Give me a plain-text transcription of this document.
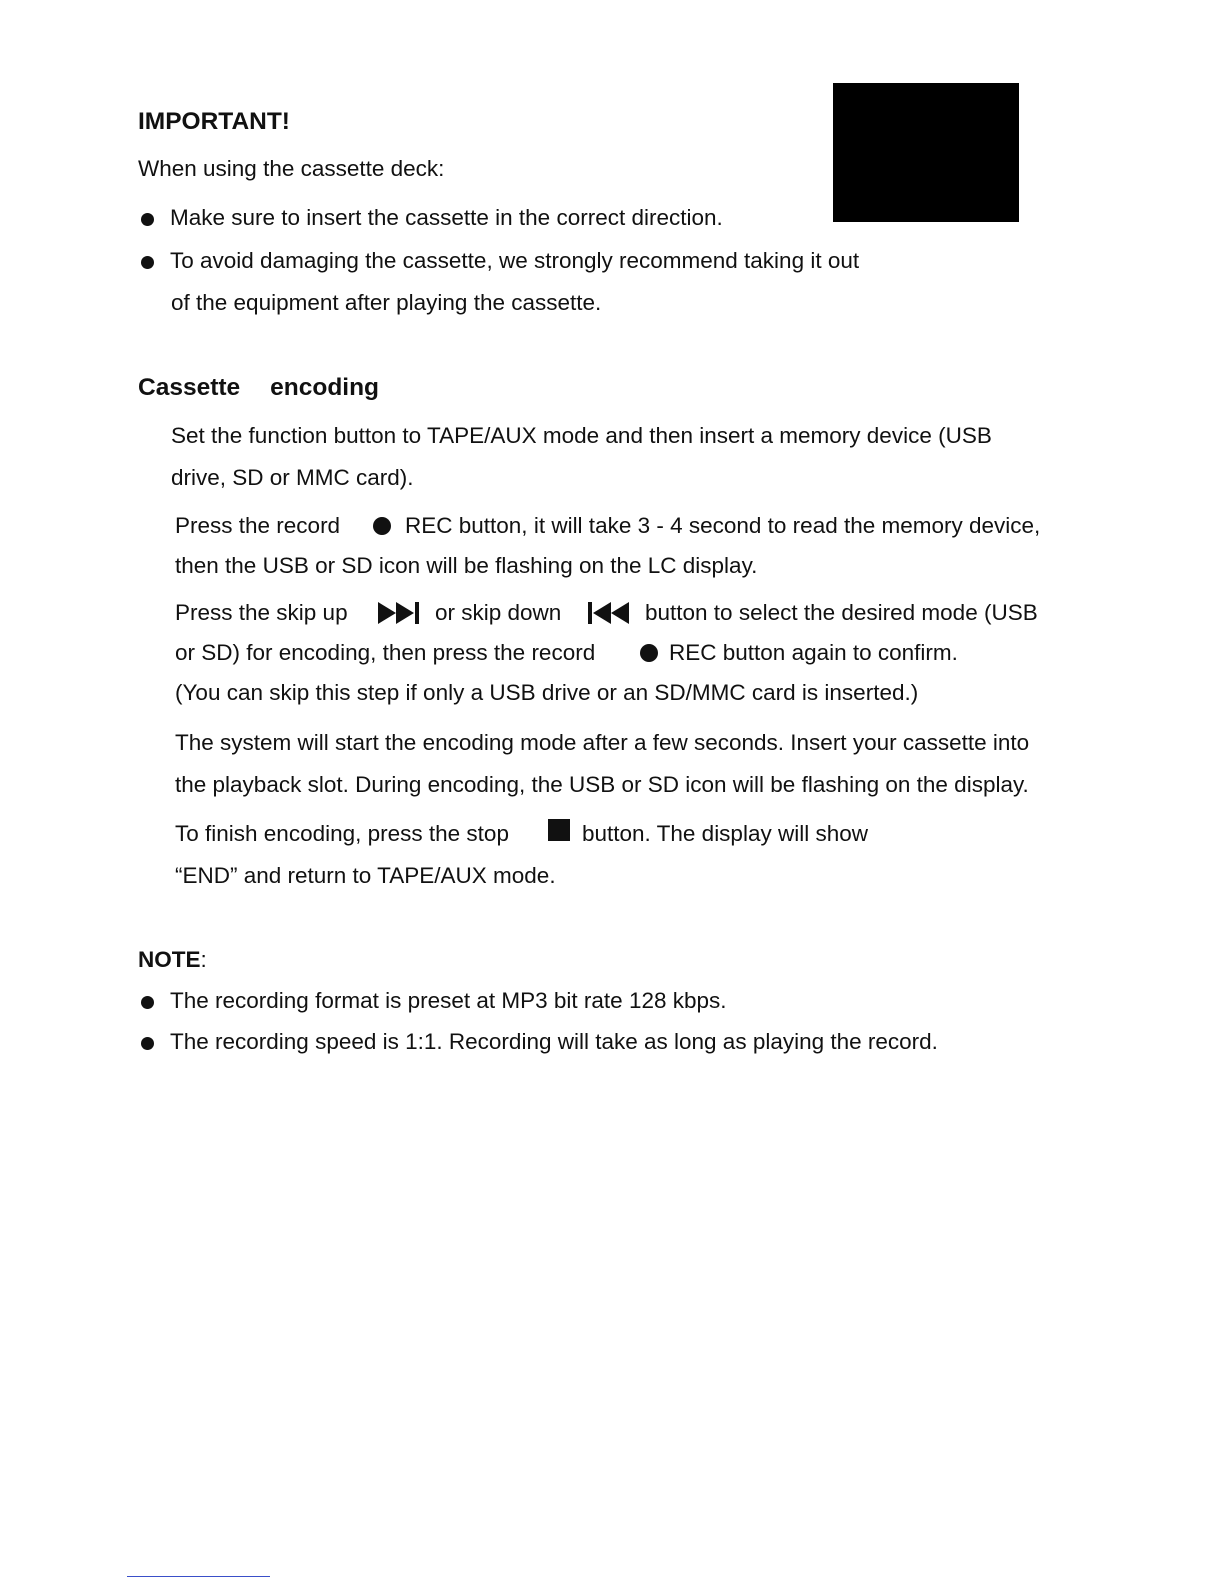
IMPORTANT!
When using the cassette deck:
Make sure to insert the cassette in the correct direction.
To avoid damaging the cassette, we strongly recommend taking it out
of the equipment after playing the cassette.
Cassette encoding
Set the function button to TAPE/AUX mode and then insert a memory device (USB
drive, SD or MMC card).
Press the record	REC button, it will take 3 - 4 second to read the memory device,
then the USB or SD icon will be flashing on the LC display.
Press the skip up	or skip down	button to select the desired mode (USB
or SD) for encoding, then press the record	REC button again to confirm.
(You can skip this step if only a USB drive or an SD/MMC card is inserted.)
The system will start the encoding mode after a few seconds. Insert your cassette into
the playback slot. During encoding, the USB or SD icon will be flashing on the display.
To finish encoding, press the stop	button. The display will show
“END” and return to TAPE/AUX mode.
NOTE:
The recording format is preset at MP3 bit rate 128 kbps.
The recording speed is 1:1. Recording will take as long as playing the record.
